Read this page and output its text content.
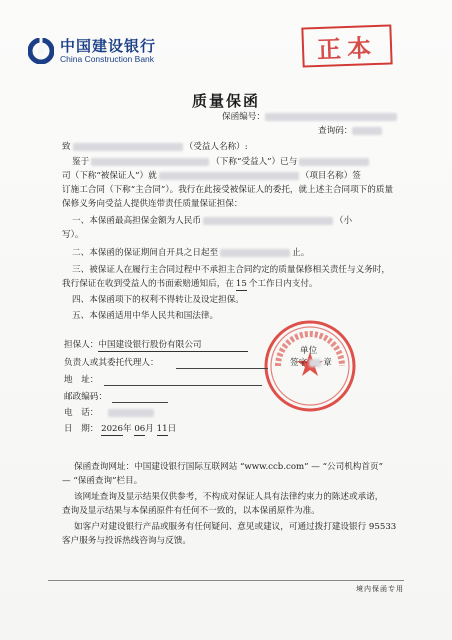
中国建设银行
China Construction Bank	正本
质量保函
保函编号：
查询码：
致	（受益人名称）:
鉴于	（下称“受益人”）已与
司（下称“被保证人”）就	（项目名称）签
订施工合同（下称“主合同”）。我行在此接受被保证人的委托，就上述主合同项下的质量
保修义务向受益人提供连带责任质量保证担保：
一、本保函最高担保金额为人民币	（小
写）。
二、本保函的保证期间自开具之日起至	止。
三、被保证人在履行主合同过程中不承担主合同约定的质量保修相关责任与义务时，
我行保证在收到受益人的书面索赔通知后，在 15 个工作日内支付。
四、本保函项下的权利不得转让及设定担保。
五、本保函适用中华人民共和国法律。
担保人：中国建设银行股份有限公司
单位
负责人或其委托代理人：	签字 章
地　址：
邮政编码：
电　话：
日　期： 2026年 06月 11日
保函查询网址：中国建设银行国际互联网站 “www.ccb.com” — “公司机构首页”
— “保函查询”栏目。
该网址查询及显示结果仅供参考，不构成对保证人具有法律约束力的陈述或承诺，
查询及显示结果与本保函原件有任何不一致的，以本保函原件为准。
如客户对建设银行产品或服务有任何疑问、意见或建议，可通过拨打建设银行 95533
客户服务与投诉热线咨询与反馈。
境内保函专用
